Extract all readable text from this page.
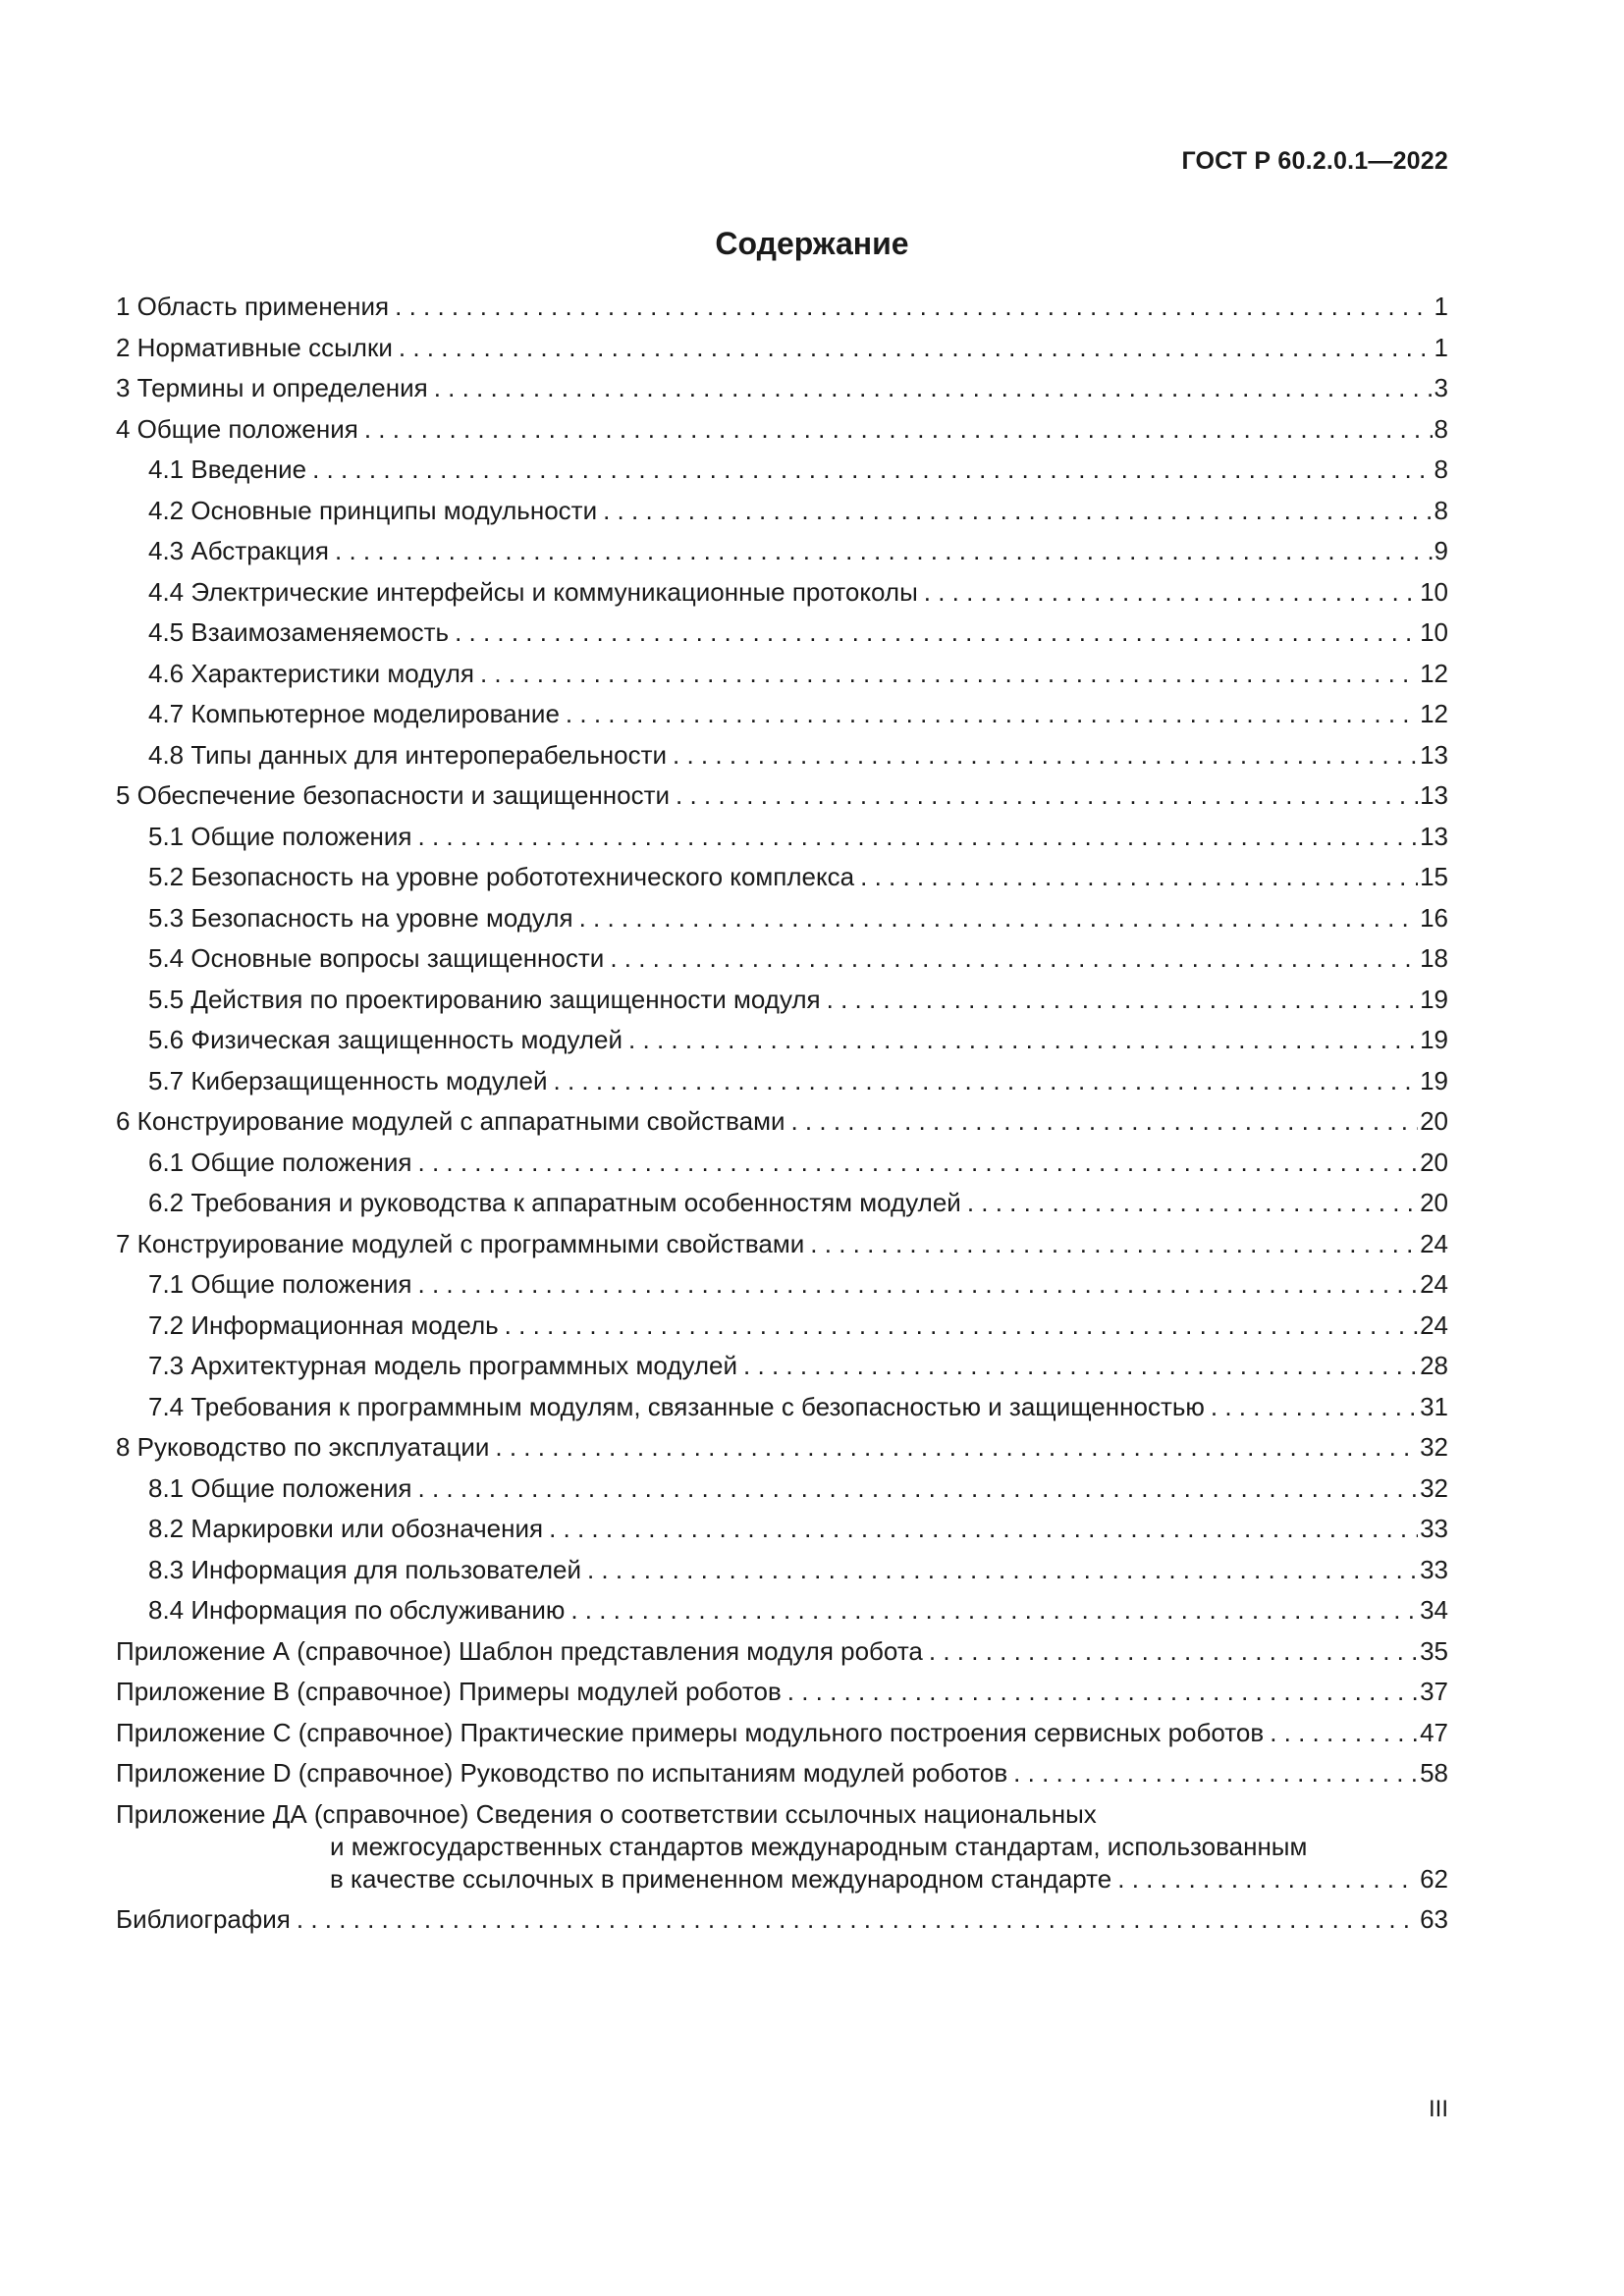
ГОСТ Р 60.2.0.1—2022
Содержание
1 Область применения . . .	1
2 Нормативные ссылки . . .	1
3 Термины и определения . . .	3
4 Общие положения . . .	8
4.1 Введение . . .	8
4.2 Основные принципы модульности . . .	8
4.3 Абстракция . . .	9
4.4 Электрические интерфейсы и коммуникационные протоколы . . .	10
4.5 Взаимозаменяемость . . .	10
4.6 Характеристики модуля . . .	12
4.7 Компьютерное моделирование . . .	12
4.8 Типы данных для интероперабельности . . .	13
5 Обеспечение безопасности и защищенности . . .	13
5.1 Общие положения . . .	13
5.2 Безопасность на уровне робототехнического комплекса . . .	15
5.3 Безопасность на уровне модуля . . .	16
5.4 Основные вопросы защищенности . . .	18
5.5 Действия по проектированию защищенности модуля . . .	19
5.6 Физическая защищенность модулей . . .	19
5.7 Киберзащищенность модулей . . .	19
6 Конструирование модулей с аппаратными свойствами . . .	20
6.1 Общие положения . . .	20
6.2 Требования и руководства к аппаратным особенностям модулей . . .	20
7 Конструирование модулей с программными свойствами . . .	24
7.1 Общие положения . . .	24
7.2 Информационная модель . . .	24
7.3 Архитектурная модель программных модулей . . .	28
7.4 Требования к программным модулям, связанные с безопасностью и защищенностью . . .	31
8 Руководство по эксплуатации . . .	32
8.1 Общие положения . . .	32
8.2 Маркировки или обозначения . . .	33
8.3 Информация для пользователей . . .	33
8.4 Информация по обслуживанию . . .	34
Приложение А (справочное) Шаблон представления модуля робота . . .	35
Приложение В (справочное) Примеры модулей роботов . . .	37
Приложение С (справочное) Практические примеры модульного построения сервисных роботов . . .	47
Приложение D (справочное) Руководство по испытаниям модулей роботов . . .	58
Приложение ДА (справочное) Сведения о соответствии ссылочных национальных
и межгосударственных стандартов международным стандартам, использованным
в качестве ссылочных в примененном международном стандарте . . .	62
Библиография . . .	63
III
